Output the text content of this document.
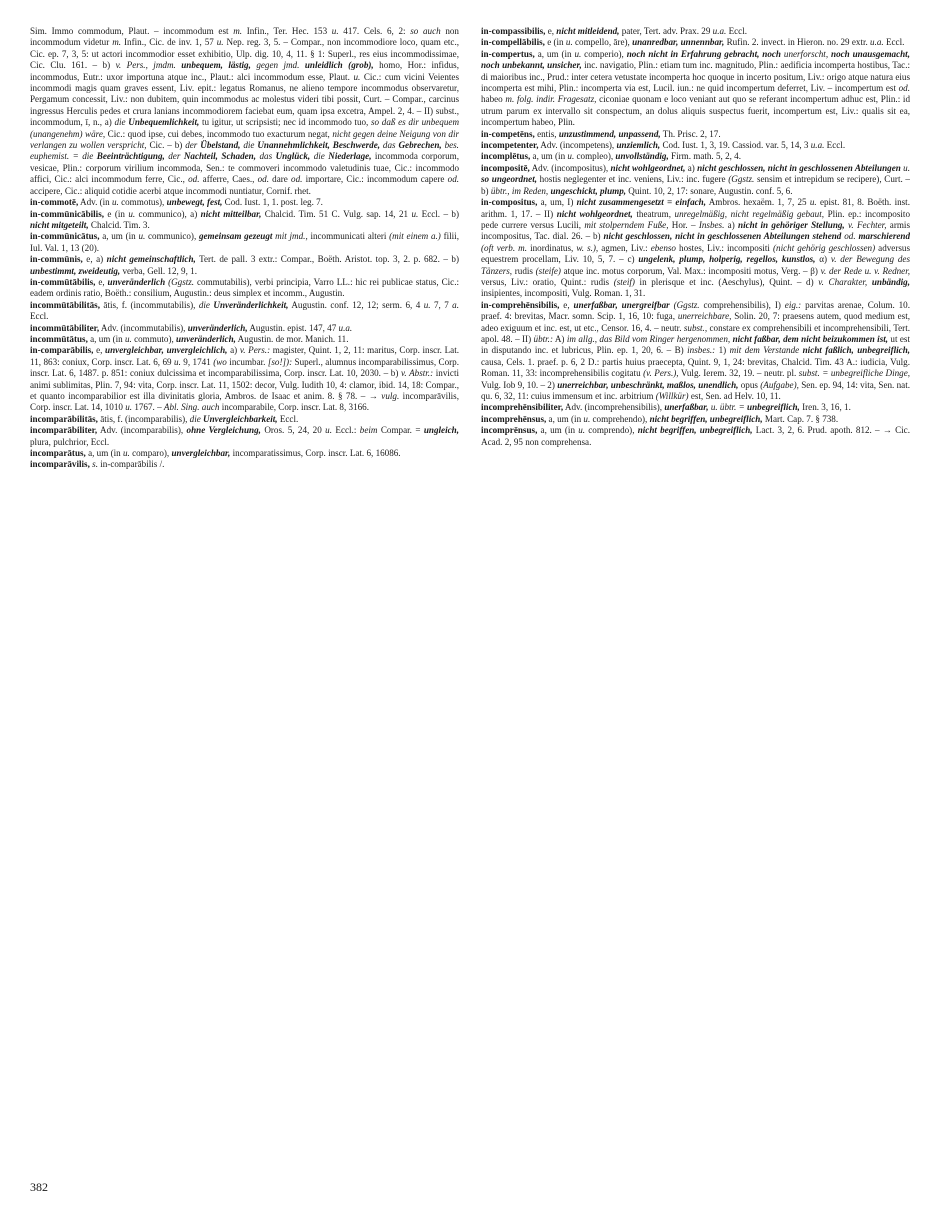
Sim. Immo commodum, Plaut. – incommodum est m. Infin., Ter. Hec. 153 u. 417. Cels. 6, 2: so auch non incommodum videtur m. Infin., Cic. de inv. 1, 57 u. Nep. reg. 3, 5. – Compar., non incommodiore loco, quam etc., Cic. ep. 7, 3, 5: ut actori incommodior esset exhibitio, Ulp. dig. 10, 4, 11. § 1: Superl., res eius incommodissimae, Cic. Clu. 161. – b) v. Pers., jmdm. unbequem, lästig, gegen jmd. unleidlich (grob), homo, Hor.: infidus, incommodus, Eutr.: uxor importuna atque inc., Plaut.: alci incommodum esse, Plaut. u. Cic.: cum vicini Veientes incommodi magis quam graves essent, Liv. epit.: legatus Romanus, ne alieno tempore incommodus observaretur, Pergamum concessit, Liv.: non dubitem, quin incommodus ac molestus videri tibi possit, Curt. – Compar., carcinus ingressus Herculis pedes et crura lanians incommodiorem faciebat eum, quam ipsa excetra, Ampel. 2, 4. – II) subst., incommodum, ī, n., a) die Unbequemlichkeit, tu igitur, ut scripsisti; nec id incommodo tuo, so daß es dir unbequem (unangenehm) wäre, Cic.: quod ipse, cui debes, incommodo tuo exacturum negat, nicht gegen deine Neigung von dir verlangen zu wollen verspricht, Cic. – b) der Übelstand, die Unannehmlichkeit, Beschwerde, das Gebrechen, bes. euphemist. = die Beeinträchtigung, der Nachteil, Schaden, das Unglück, die Niederlage, incommoda corporum, vesicae, Plin.: corporum virilium incommoda, Sen.: te commoveri incommodo valetudinis tuae, Cic.: incommodo affici, Cic.: alci incommodum ferre, Cic., od. afferre, Caes., od. dare od. importare, Cic.: incommodum capere od. accipere, Cic.: aliquid cotidie acerbi atque incommodi nuntiatur, Cornif. rhet.

in-commotē, Adv. (in u. commotus), unbewegt, fest, Cod. Iust. 1, 1. post. leg. 7.

in-commūnicābilis, e (in u. communico), a) nicht mitteilbar, Chalcid. Tim. 51 C. Vulg. sap. 14, 21 u. Eccl. – b) nicht mitgeteilt, Chalcid. Tim. 3.

in-commūnicātus, a, um (in u. communico), gemeinsam gezeugt mit jmd., incommunicati alteri (mit einem a.) filii, Iul. Val. 1, 13 (20).

in-commūnis, e, a) nicht gemeinschaftlich, Tert. de pall. 3 extr.: Compar., Boëth. Aristot. top. 3, 2. p. 682. – b) unbestimmt, zweideutig, verba, Gell. 12, 9, 1.

in-commūtābilis, e, unveränderlich (Ggstz. commutabilis), verbi principia, Varro LL.: hic rei publicae status, Cic.: eadem ordinis ratio, Boëth.: consilium, Augustin.: deus simplex et incomm., Augustin.

incommūtābilitās, ātis, f. (incommutabilis), die Unveränderlichkeit, Augustin. conf. 12, 12; serm. 6, 4 u. 7, 7 a. Eccl.

incommūtābiliter, Adv. (incommutabilis), unveränderlich, Augustin. epist. 147, 47 u.a.

incommūtātus, a, um (in u. commuto), unveränderlich, Augustin. de mor. Manich. 11.

in-comparābilis, e, unvergleichbar, unvergleichlich, a) v. Pers.: magister, Quint. 1, 2, 11: maritus, Corp. inscr. Lat. 11, 863: coniux, Corp. inscr. Lat. 6, 69 u. 9, 1741 (wo incumbar. [so!]): Superl., alumnus incomparabilissimus, Corp. inscr. Lat. 6, 1487. p. 851: coniux dulcissima et incomparabilissima, Corp. inscr. Lat. 10, 2030. – b) v. Abstr.: invicti animi sublimitas, Plin. 7, 94: vita, Corp. inscr. Lat. 11, 1502: decor, Vulg. Iudith 10, 4: clamor, ibid. 14, 18: Compar., et quanto incomparabilior est illa divinitatis gloria, Ambros. de Isaac et anim. 8. § 78. – → vulg. incomparāvilis, Corp. inscr. Lat. 14, 1010 u. 1767. – Abl. Sing. auch incomparabile, Corp. inscr. Lat. 8, 3166.

incomparābilitās, ātis, f. (incomparabilis), die Unvergleichbarkeit, Eccl.

incomparābiliter, Adv. (incomparabilis), ohne Vergleichung, Oros. 5, 24, 20 u. Eccl.: beim Compar. = ungleich, plura, pulchrior, Eccl.

incomparātus, a, um (in u. comparo), unvergleichbar, incomparatissimus, Corp. inscr. Lat. 6, 16086.

incomparāvilis, s. in-comparābilis /.

in-compassibilis, e, nicht mitleidend, pater, Tert. adv. Prax. 29 u.a. Eccl.

in-compellābilis, e (in u. compello, āre), unanredbar, unnennbar, Rufin. 2. invect. in Hieron. no. 29 extr. u.a. Eccl.

in-compertus, a, um (in u. comperio), noch nicht in Erfahrung gebracht, noch unerforscht, noch unausgemacht, noch unbekannt, unsicher, inc. navigatio, Plin.: etiam tum inc. magnitudo, Plin.: aedificia incomperta hostibus, Tac.: di maioribus inc., Prud.: inter cetera vetustate incomperta hoc quoque in incerto positum, Liv.: origo atque natura eius incomperta est mihi, Plin.: incomperta via est, Lucil. iun.: ne quid incompertum deferret, Liv. – incompertum est od. habeo m. folg. indir. Fragesatz, ciconiae quonam e loco veniant aut quo se referant incompertum adhuc est, Plin.: id utrum parum ex intervallo sit conspectum, an dolus aliquis suspectus fuerit, incompertum est, Liv.: qualis sit ea, incompertum habeo, Plin.

in-competēns, entis, unzustimmend, unpassend, Th. Prisc. 2, 17.

incompetenter, Adv. (incompetens), unziemlich, Cod. Iust. 1, 3, 19. Cassiod. var. 5, 14, 3 u.a. Eccl.

incomplētus, a, um (in u. compleo), unvollständig, Firm. math. 5, 2, 4.

incompositē, Adv. (incompositus), nicht wohlgeordnet, a) nicht geschlossen, nicht in geschlossenen Abteilungen u. so ungeordnet, hostis neglegenter et inc. veniens, Liv.: inc. fugere (Ggstz. sensim et intrepidum se recipere), Curt. – b) übtr., im Reden, ungeschickt, plump, Quint. 10, 2, 17: sonare, Augustin. conf. 5, 6.

in-compositus, a, um, I) nicht zusammengesetzt = einfach, Ambros. hexaëm. 1, 7, 25 u. epist. 81, 8. Boëth. inst. arithm. 1, 17. – II) nicht wohlgeordnet, theatrum, unregelmäßig, nicht regelmäßig gebaut, Plin. ep.: incomposito pede currere versus Lucili, mit stolperndem Fuße, Hor. – Insbes. a) nicht in gehöriger Stellung, v. Fechter, armis incompositus, Tac. dial. 26. – b) nicht geschlossen, nicht in geschlossenen Abteilungen stehend od. marschierend (oft verb. m. inordinatus, w. s.), agmen, Liv.: ebenso hostes, Liv.: incompositi (nicht gehörig geschlossen) adversus equestrem procellam, Liv. 10, 5, 7. – c) ungelenk, plump, holperig, regellos, kunstlos, α) v. der Bewegung des Tänzers, rudis (steife) atque inc. motus corporum, Val. Max.: incompositi motus, Verg. – β) v. der Rede u. v. Redner, versus, Liv.: oratio, Quint.: rudis (steif) in plerisque et inc. (Aeschylus), Quint. – d) v. Charakter, unbändig, insipientes, incompositi, Vulg. Roman. 1, 31.

in-comprehēnsibilis, e, unerfaßbar, unergreifbar (Ggstz. comprehensibilis), I) eig.: parvitas arenae, Colum. 10. praef. 4: brevitas, Macr. somn. Scip. 1, 16, 10: fuga, unerreichbare, Solin. 20, 7: praesens autem, quod medium est, adeo exiguum et inc. est, ut etc., Censor. 16, 4. – neutr. subst., constare ex comprehensibili et incomprehensibili, Tert. apol. 48. – II) übtr.: A) im allg., das Bild vom Ringer hergenommen, nicht faßbar, dem nicht beizukommen ist, ut est in disputando inc. et lubricus, Plin. ep. 1, 20, 6. – B) insbes.: 1) mit dem Verstande nicht faßlich, unbegreiflich, causa, Cels. 1. praef. p. 6, 2 D.: partis huius praecepta, Quint. 9, 1, 24: brevitas, Chalcid. Tim. 43 A.: iudicia, Vulg. Roman. 11, 33: incomprehensibilis cogitatu (v. Pers.), Vulg. Ierem. 32, 19. – neutr. pl. subst. = unbegreifliche Dinge, Vulg. Iob 9, 10. – 2) unerreichbar, unbeschränkt, maßlos, unendlich, opus (Aufgabe), Sen. ep. 94, 14: vita, Sen. nat. qu. 6, 32, 11: cuius immensum et inc. arbitrium (Willkür) est, Sen. ad Helv. 10, 11.

incomprehēnsibiliter, Adv. (incomprehensibilis), unerfaßbar, u. übtr. = unbegreiflich, Iren. 3, 16, 1.

incomprehēnsus, a, um (in u. comprehendo), nicht begriffen, unbegreiflich, Mart. Cap. 7. § 738.

incomprēnsus, a, um (in u. comprendo), nicht begriffen, unbegreiflich, Lact. 3, 2, 6. Prud. apoth. 812. – → Cic. Acad. 2, 95 non comprehensa.

382
